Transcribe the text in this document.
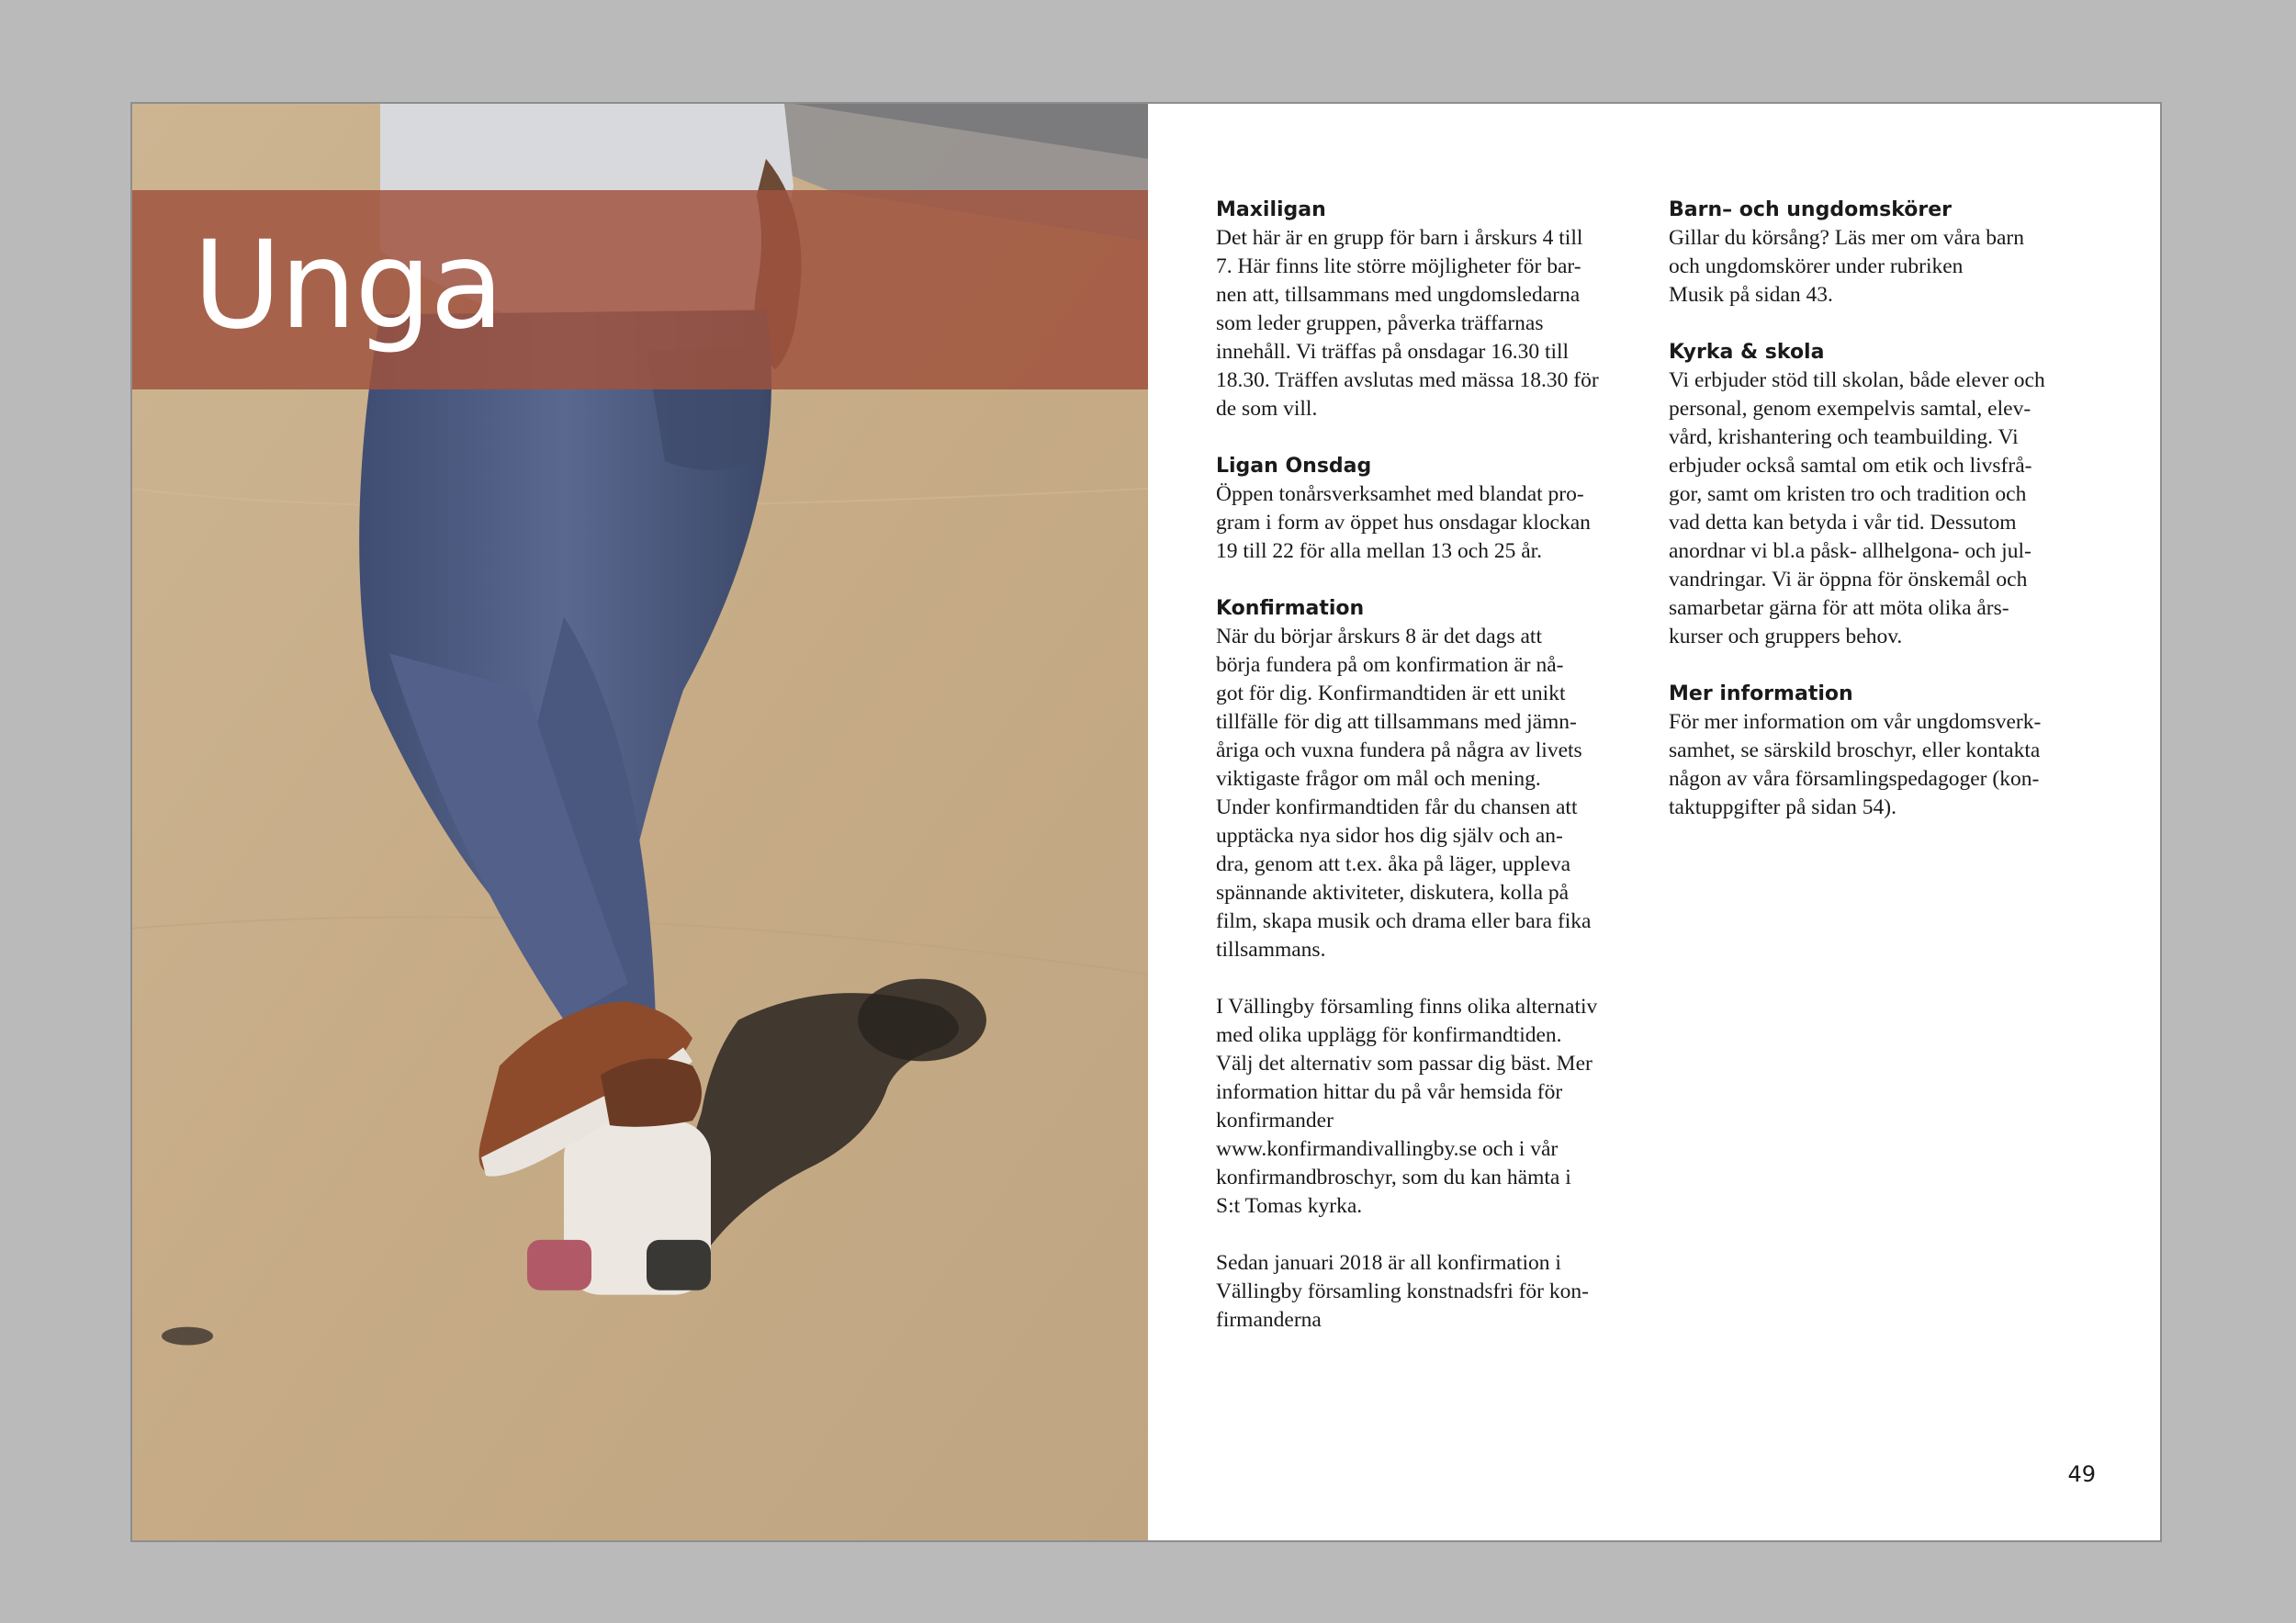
Unga
Maxiligan

Det här är en grupp för barn i årskurs 4 till
7. Här finns lite större möjligheter för bar-
nen att, tillsammans med ungdomsledarna
som leder gruppen, påverka träffarnas
innehåll. Vi träffas på onsdagar 16.30 till
18.30. Träffen avslutas med mässa 18.30 för
de som vill.

Ligan Onsdag

Öppen tonårsverksamhet med blandat pro-
gram i form av öppet hus onsdagar klockan
19 till 22 för alla mellan 13 och 25 år.

Konfirmation

När du börjar årskurs 8 är det dags att
börja fundera på om konfirmation är nå-
got för dig. Konfirmandtiden är ett unikt
tillfälle för dig att tillsammans med jämn-
åriga och vuxna fundera på några av livets
viktigaste frågor om mål och mening.
Under konfirmandtiden får du chansen att
upptäcka nya sidor hos dig själv och an-
dra, genom att t.ex. åka på läger, uppleva
spännande aktiviteter, diskutera, kolla på
film, skapa musik och drama eller bara fika
tillsammans.

I Vällingby församling finns olika alternativ
med olika upplägg för konfirmandtiden.
Välj det alternativ som passar dig bäst. Mer
information hittar du på vår hemsida för
konfirmander
www.konfirmandivallingby.se och i vår
konfirmandbroschyr, som du kan hämta i
S:t Tomas kyrka.

Sedan januari 2018 är all konfirmation i
Vällingby församling konstnadsfri för kon-
firmanderna

Barn– och ungdomskörer

Gillar du körsång? Läs mer om våra barn
och ungdomskörer under rubriken
Musik på sidan 43.

Kyrka & skola

Vi erbjuder stöd till skolan, både elever och
personal, genom exempelvis samtal, elev-
vård, krishantering och teambuilding. Vi
erbjuder också samtal om etik och livsfrå-
gor, samt om kristen tro och tradition och
vad detta kan betyda i vår tid. Dessutom
anordnar vi bl.a påsk- allhelgona- och jul-
vandringar. Vi är öppna för önskemål och
samarbetar gärna för att möta olika års-
kurser och gruppers behov.

Mer information

För mer information om vår ungdomsverk-
samhet, se särskild broschyr, eller kontakta
någon av våra församlingspedagoger (kon-
taktuppgifter på sidan 54).

49
